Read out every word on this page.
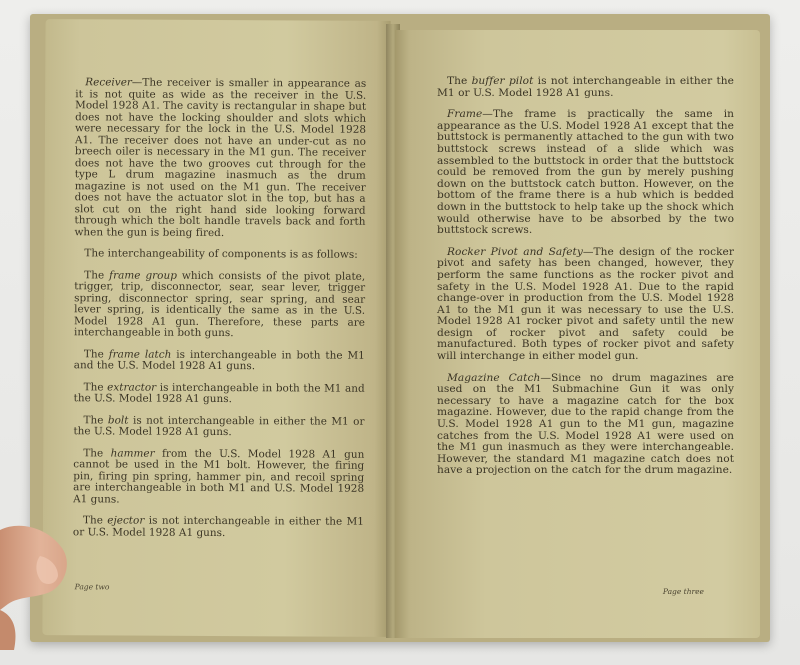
Receiver—The receiver is smaller in appearance as it is not quite as wide as the receiver in the U.S. Model 1928 A1. The cavity is rectangular in shape but does not have the locking shoulder and slots which were necessary for the lock in the U.S. Model 1928 A1. The receiver does not have an under-cut as no breech oiler is necessary in the M1 gun. The receiver does not have the two grooves cut through for the type L drum magazine inasmuch as the drum magazine is not used on the M1 gun. The receiver does not have the actuator slot in the top, but has a slot cut on the right hand side looking forward through which the bolt handle travels back and forth when the gun is being fired.

The interchangeability of components is as follows:

The frame group which consists of the pivot plate, trigger, trip, disconnector, sear, sear lever, trigger spring, disconnector spring, sear spring, and sear lever spring, is identically the same as in the U.S. Model 1928 A1 gun. Therefore, these parts are interchangeable in both guns.

The frame latch is interchangeable in both the M1 and the U.S. Model 1928 A1 guns.

The extractor is interchangeable in both the M1 and the U.S. Model 1928 A1 guns.

The bolt is not interchangeable in either the M1 or the U.S. Model 1928 A1 guns.

The hammer from the U.S. Model 1928 A1 gun cannot be used in the M1 bolt. However, the firing pin, firing pin spring, hammer pin, and recoil spring are interchangeable in both M1 and U.S. Model 1928 A1 guns.

The ejector is not interchangeable in either the M1 or U.S. Model 1928 A1 guns.

Page two

The buffer pilot is not interchangeable in either the M1 or U.S. Model 1928 A1 guns.

Frame—The frame is practically the same in appearance as the U.S. Model 1928 A1 except that the buttstock is permanently attached to the gun with two buttstock screws instead of a slide which was assembled to the buttstock in order that the buttstock could be removed from the gun by merely pushing down on the buttstock catch button. However, on the bottom of the frame there is a hub which is bedded down in the buttstock to help take up the shock which would otherwise have to be absorbed by the two buttstock screws.

Rocker Pivot and Safety—The design of the rocker pivot and safety has been changed, however, they perform the same functions as the rocker pivot and safety in the U.S. Model 1928 A1. Due to the rapid change-over in production from the U.S. Model 1928 A1 to the M1 gun it was necessary to use the U.S. Model 1928 A1 rocker pivot and safety until the new design of rocker pivot and safety could be manufactured. Both types of rocker pivot and safety will interchange in either model gun.

Magazine Catch—Since no drum magazines are used on the M1 Submachine Gun it was only necessary to have a magazine catch for the box magazine. However, due to the rapid change from the U.S. Model 1928 A1 gun to the M1 gun, magazine catches from the U.S. Model 1928 A1 were used on the M1 gun inasmuch as they were interchangeable. However, the standard M1 magazine catch does not have a projection on the catch for the drum magazine.

Page three
